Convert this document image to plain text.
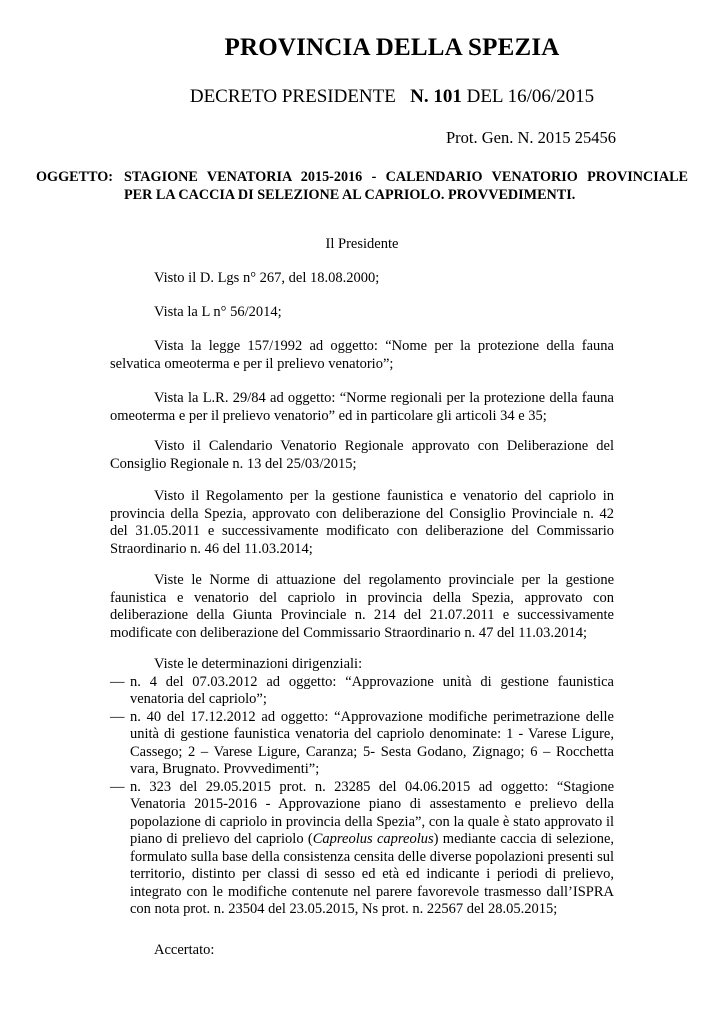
PROVINCIA DELLA SPEZIA
DECRETO PRESIDENTE N. 101 DEL 16/06/2015
Prot. Gen. N. 2015 25456
OGGETTO: STAGIONE VENATORIA 2015-2016 - CALENDARIO VENATORIO PROVINCIALE
PER LA CACCIA DI SELEZIONE AL CAPRIOLO. PROVVEDIMENTI.
Il Presidente
Visto il D. Lgs n° 267, del 18.08.2000;
Vista la L n° 56/2014;
Vista la legge 157/1992 ad oggetto: “Nome per la protezione della fauna selvatica omeoterma e per il prelievo venatorio”;
Vista la L.R. 29/84 ad oggetto: “Norme regionali per la protezione della fauna omeoterma e per il prelievo venatorio” ed in particolare gli articoli 34 e 35;
Visto il Calendario Venatorio Regionale approvato con Deliberazione del Consiglio Regionale n. 13 del 25/03/2015;
Visto il Regolamento per la gestione faunistica e venatorio del capriolo in provincia della Spezia, approvato con deliberazione del Consiglio Provinciale n. 42 del 31.05.2011 e successivamente modificato con deliberazione del Commissario Straordinario n. 46 del 11.03.2014;
Viste le Norme di attuazione del regolamento provinciale per la gestione faunistica e venatorio del capriolo in provincia della Spezia, approvato con deliberazione della Giunta Provinciale n. 214 del 21.07.2011 e successivamente modificate con deliberazione del Commissario Straordinario n. 47 del 11.03.2014;
Viste le determinazioni dirigenziali:
— n. 4 del 07.03.2012 ad oggetto: “Approvazione unità di gestione faunistica venatoria del capriolo”;
— n. 40 del 17.12.2012 ad oggetto: “Approvazione modifiche perimetrazione delle unità di gestione faunistica venatoria del capriolo denominate: 1 - Varese Ligure, Cassego; 2 – Varese Ligure, Caranza; 5- Sesta Godano, Zignago; 6 – Rocchetta vara, Brugnato. Provvedimenti”;
— n. 323 del 29.05.2015 prot. n. 23285 del 04.06.2015 ad oggetto: “Stagione Venatoria 2015-2016 - Approvazione piano di assestamento e prelievo della popolazione di capriolo in provincia della Spezia”, con la quale è stato approvato il piano di prelievo del capriolo (Capreolus capreolus) mediante caccia di selezione, formulato sulla base della consistenza censita delle diverse popolazioni presenti sul territorio, distinto per classi di sesso ed età ed indicante i periodi di prelievo, integrato con le modifiche contenute nel parere favorevole trasmesso dall’ISPRA con nota prot. n. 23504 del 23.05.2015, Ns prot. n. 22567 del 28.05.2015;
Accertato:
